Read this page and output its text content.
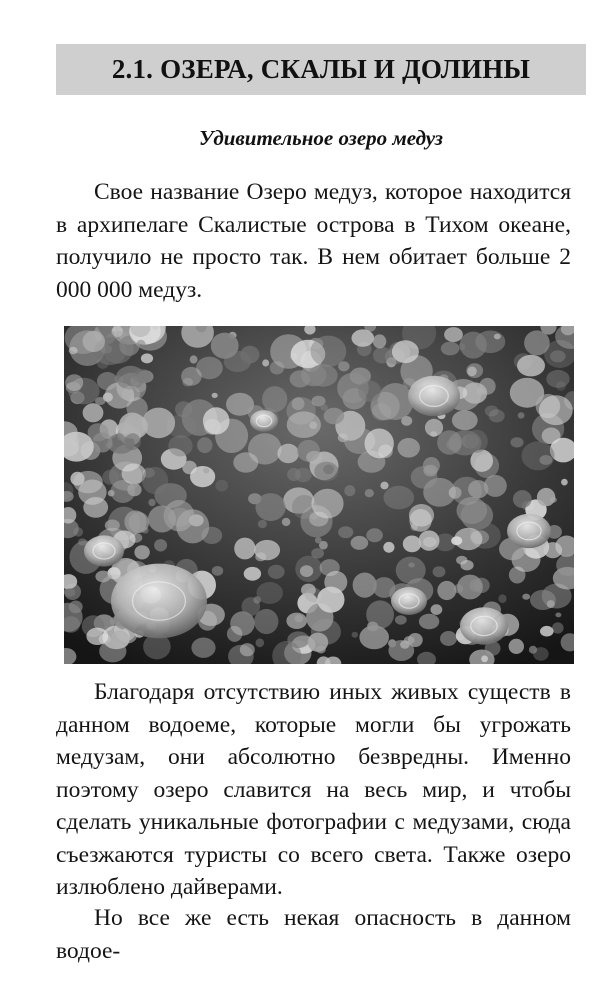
2.1. ОЗЕРА, СКАЛЫ И ДОЛИНЫ

Удивительное озеро медуз

Свое название Озеро медуз, которое находится в архипелаге Скалистые острова в Тихом океане, получило не просто так. В нем обитает больше 2 000 000 медуз.

Благодаря отсутствию иных живых существ в данном водоеме, которые могли бы угрожать медузам, они абсолютно безвредны. Именно поэтому озеро славится на весь мир, и чтобы сделать уникальные фотографии с медузами, сюда съезжаются туристы со всего света. Также озеро излюблено дайверами.

Но все же есть некая опасность в данном водое-
